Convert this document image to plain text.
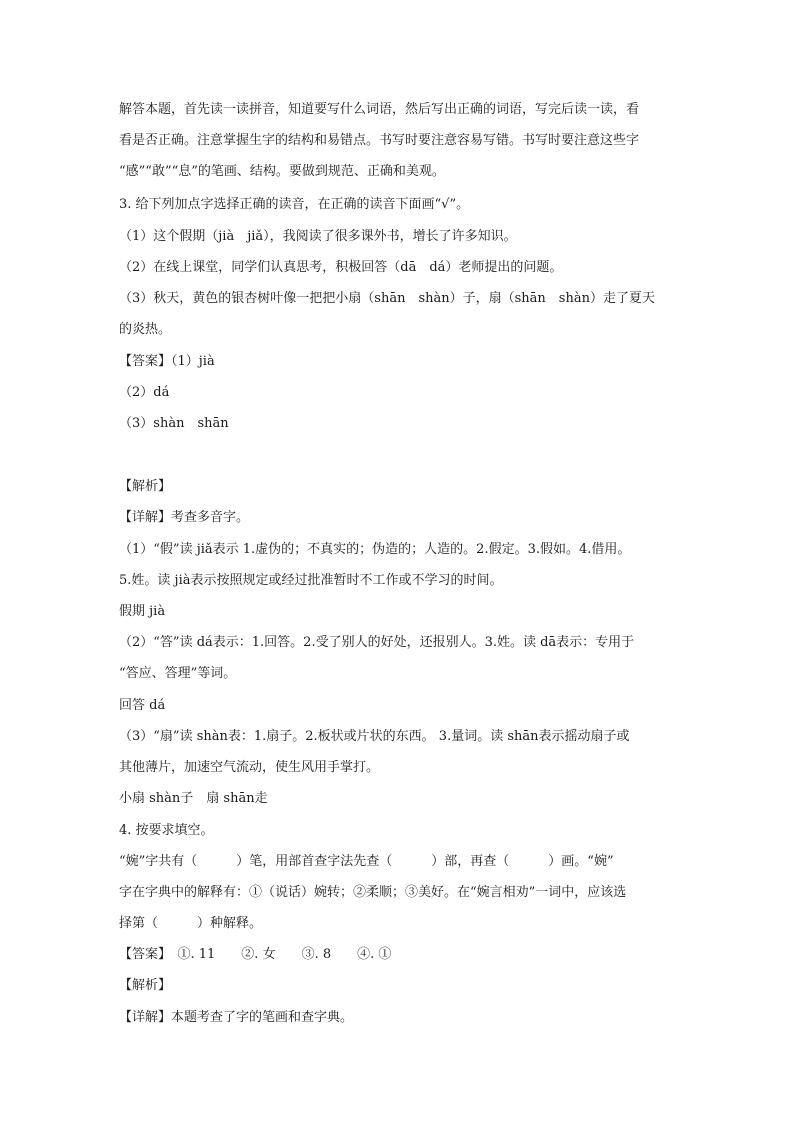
解答本题，首先读一读拼音，知道要写什么词语，然后写出正确的词语，写完后读一读，看
看是否正确。注意掌握生字的结构和易错点。书写时要注意容易写错。书写时要注意这些字
“感”“敢”“息”的笔画、结构。要做到规范、正确和美观。
3. 给下列加点字选择正确的读音，在正确的读音下面画“√”。
（1）这个假期（jià　jiǎ），我阅读了很多课外书，增长了许多知识。
（2）在线上课堂，同学们认真思考，积极回答（dā　dá）老师提出的问题。
（3）秋天，黄色的银杏树叶像一把把小扇（shān　shàn）子，扇（shān　shàn）走了夏天
的炎热。
【答案】（1）jià
（2）dá
（3）shàn　shān
【解析】
【详解】考查多音字。
（1）“假”读 jiǎ表示 1.虚伪的；不真实的；伪造的；人造的。2.假定。3.假如。4.借用。
5.姓。读 jià表示按照规定或经过批准暂时不工作或不学习的时间。
假期 jià
（2）“答”读 dá表示：1.回答。2.受了别人的好处，还报别人。3.姓。读 dā表示：专用于
“答应、答理”等词。
回答 dá
（3）“扇”读 shàn表：1.扇子。2.板状或片状的东西。 3.量词。读 shān表示摇动扇子或
其他薄片，加速空气流动，使生风用手掌打。
小扇 shàn子　扇 shān走
4. 按要求填空。
“婉”字共有（　　　）笔，用部首查字法先查（　　　）部，再查（　　　）画。“婉”
字在字典中的解释有：①（说话）婉转；②柔顺；③美好。在“婉言相劝”一词中，应该选
择第（　　　）种解释。
【答案】　①. 11　　②. 女　　③. 8　　④. ①
【解析】
【详解】本题考查了字的笔画和查字典。
